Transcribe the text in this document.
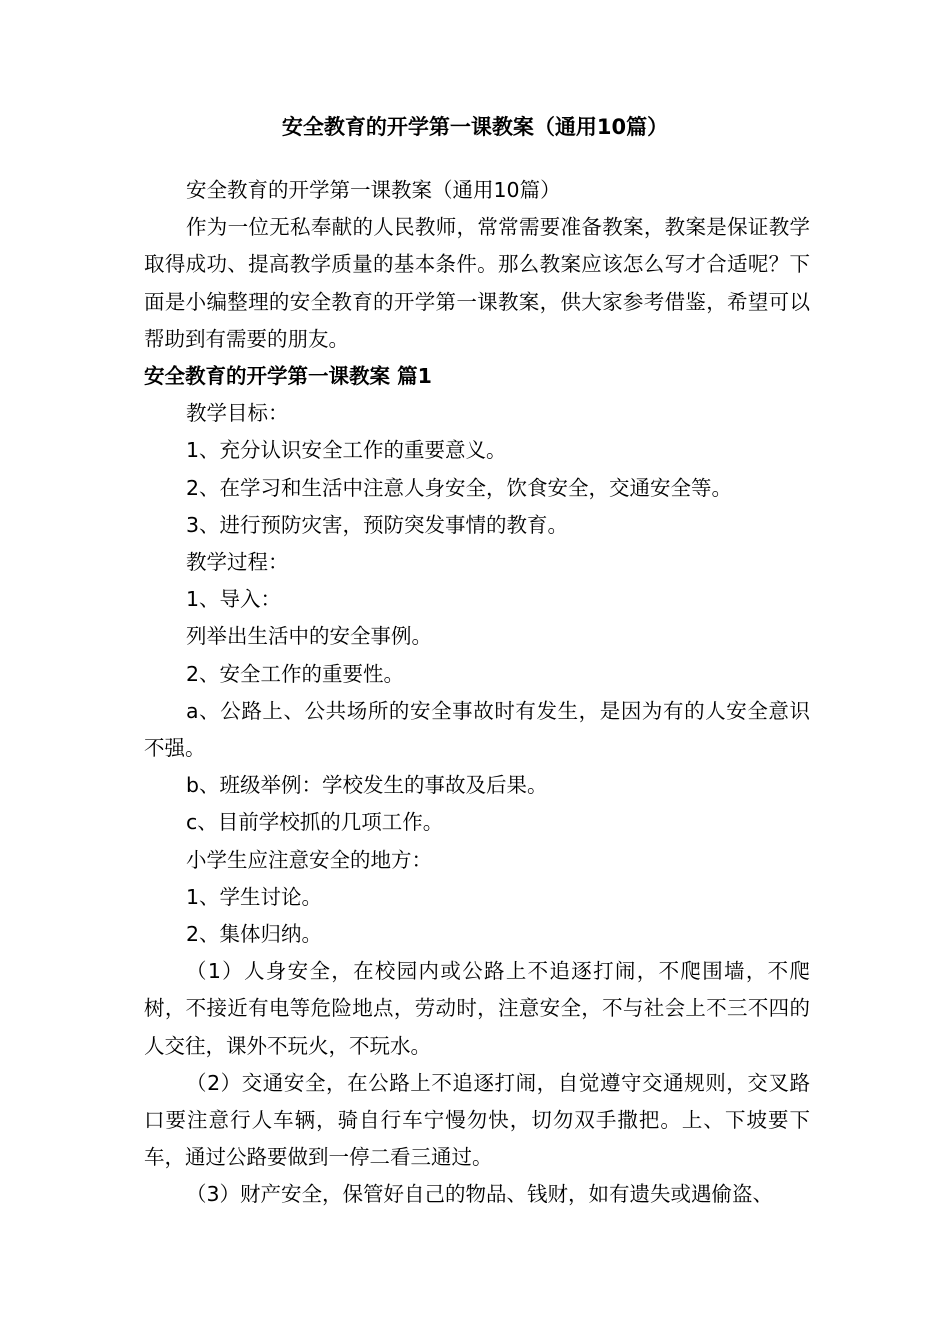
安全教育的开学第一课教案（通用10篇）

安全教育的开学第一课教案（通用10篇）

作为一位无私奉献的人民教师，常常需要准备教案，教案是保证教学取得成功、提高教学质量的基本条件。那么教案应该怎么写才合适呢？下面是小编整理的安全教育的开学第一课教案，供大家参考借鉴，希望可以帮助到有需要的朋友。

安全教育的开学第一课教案 篇1

教学目标：

1、充分认识安全工作的重要意义。

2、在学习和生活中注意人身安全，饮食安全，交通安全等。

3、进行预防灾害，预防突发事情的教育。

教学过程：

1、导入：

列举出生活中的安全事例。

2、安全工作的重要性。

a、公路上、公共场所的安全事故时有发生，是因为有的人安全意识不强。

b、班级举例：学校发生的事故及后果。

c、目前学校抓的几项工作。

小学生应注意安全的地方：

1、学生讨论。

2、集体归纳。

（1）人身安全，在校园内或公路上不追逐打闹，不爬围墙，不爬树，不接近有电等危险地点，劳动时，注意安全，不与社会上不三不四的人交往，课外不玩火，不玩水。

（2）交通安全，在公路上不追逐打闹，自觉遵守交通规则，交叉路口要注意行人车辆，骑自行车宁慢勿快，切勿双手撒把。上、下坡要下车，通过公路要做到一停二看三通过。

（3）财产安全，保管好自己的物品、钱财，如有遗失或遇偷盗、
